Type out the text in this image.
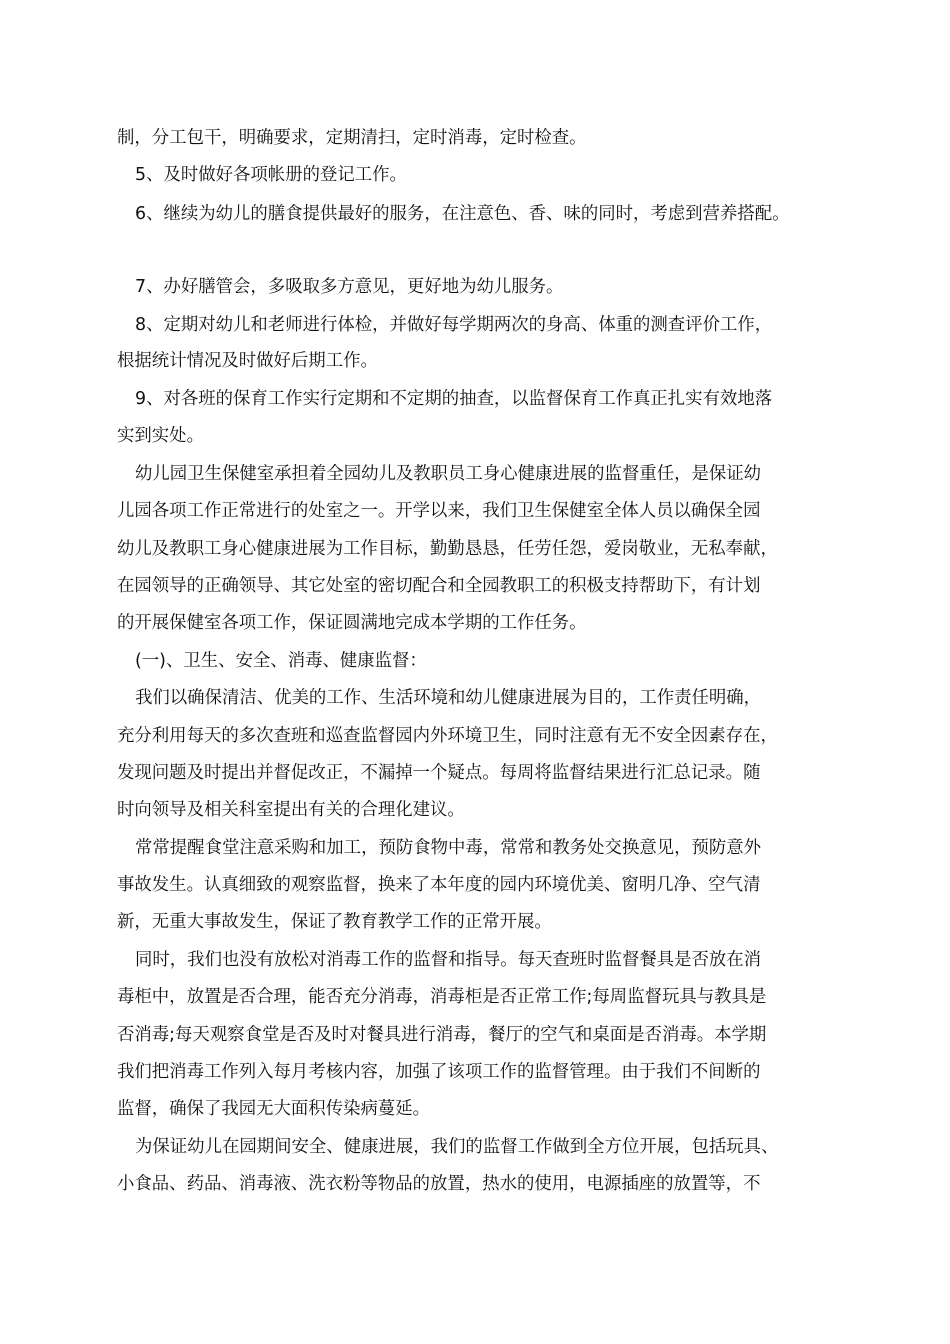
制，分工包干，明确要求，定期清扫，定时消毒，定时检查。
5、及时做好各项帐册的登记工作。
6、继续为幼儿的膳食提供最好的服务，在注意色、香、味的同时，考虑到营养搭配。
7、办好膳管会，多吸取多方意见，更好地为幼儿服务。
8、定期对幼儿和老师进行体检，并做好每学期两次的身高、体重的测查评价工作，
根据统计情况及时做好后期工作。
9、对各班的保育工作实行定期和不定期的抽查，以监督保育工作真正扎实有效地落
实到实处。
幼儿园卫生保健室承担着全园幼儿及教职员工身心健康进展的监督重任，是保证幼
儿园各项工作正常进行的处室之一。开学以来，我们卫生保健室全体人员以确保全园
幼儿及教职工身心健康进展为工作目标，勤勤恳恳，任劳任怨，爱岗敬业，无私奉献，
在园领导的正确领导、其它处室的密切配合和全园教职工的积极支持帮助下，有计划
的开展保健室各项工作，保证圆满地完成本学期的工作任务。
(一)、卫生、安全、消毒、健康监督：
我们以确保清洁、优美的工作、生活环境和幼儿健康进展为目的，工作责任明确，
充分利用每天的多次查班和巡查监督园内外环境卫生，同时注意有无不安全因素存在，
发现问题及时提出并督促改正，不漏掉一个疑点。每周将监督结果进行汇总记录。随
时向领导及相关科室提出有关的合理化建议。
常常提醒食堂注意采购和加工，预防食物中毒，常常和教务处交换意见，预防意外
事故发生。认真细致的观察监督，换来了本年度的园内环境优美、窗明几净、空气清
新，无重大事故发生，保证了教育教学工作的正常开展。
同时，我们也没有放松对消毒工作的监督和指导。每天查班时监督餐具是否放在消
毒柜中，放置是否合理，能否充分消毒，消毒柜是否正常工作;每周监督玩具与教具是
否消毒;每天观察食堂是否及时对餐具进行消毒，餐厅的空气和桌面是否消毒。本学期
我们把消毒工作列入每月考核内容，加强了该项工作的监督管理。由于我们不间断的
监督，确保了我园无大面积传染病蔓延。
为保证幼儿在园期间安全、健康进展，我们的监督工作做到全方位开展，包括玩具、
小食品、药品、消毒液、洗衣粉等物品的放置，热水的使用，电源插座的放置等，不
